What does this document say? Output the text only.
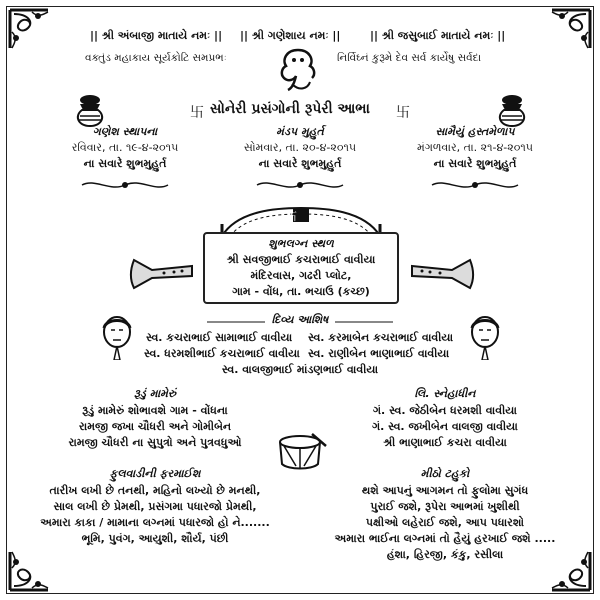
|| શ્રી અંબાજી માતાયે નમઃ || || શ્રી ગણેશાય નમઃ ||	|| શ્રી જસુબાઈ માતાયે નમઃ ||
વક્તુંડ મહાકાય સૂર્યકોટિ સમપ્રભઃ	નિર્વિઘ્નં કુરૂમે દેવ સર્વ કાર્યેષુ સર્વદા
卐 સોનેરી પ્રસંગોની રૂપેરી આભા 卐
ગણેશ સ્થાપના
રવિવાર, તા. ૧૯-૪-૨૦૧૫
ના સવારે શુભમુહુર્ત
મંડપ મુહુર્ત
સોમવાર, તા. ૨૦-૪-૨૦૧૫
ના સવારે શુભમુહુર્ત
સામૈયું હસ્તમેળાપ
મંગળવાર, તા. ૨૧-૪-૨૦૧૫
ના સવારે શુભમુહુર્ત
卐
શુભલગ્ન સ્થળ
શ્રી સવજીભાઈ કચરાભાઈ વાવીયા
મંદિરવાસ, ગઢરી પ્લોટ,
ગામ - વોંધ, તા. ભચાઉ (કચ્છ)
દિવ્ય આશિષ
સ્વ. કચરાભાઈ સામાભાઈ વાવીયા સ્વ. કરમાબેન કચરાભાઈ વાવીયા
સ્વ. ધરમશીભાઈ કચરાભાઈ વાવીયા સ્વ. રાણીબેન ભાણાભાઈ વાવીયા
સ્વ. વાલજીભાઈ માંડણભાઈ વાવીયા
રૂડું મામેરું
રૂડું મામેરું શોભાવશે ગામ - વોંધના
રામજી જખા ચૌધરી અને ગોમીબેન
રામજી ચૌધરી ના સુપુત્રો અને પુત્રવધુઓ
લિ. સ્નેહાધીન
ગં. સ્વ. જેઠીબેન ધરમશી વાવીયા
ગં. સ્વ. જખીબેન વાલજી વાવીયા
શ્રી ભાણાભાઈ કચરા વાવીયા
ફુલવાડીની ફરમાઈશ
તારીખ લખી છે તનથી, મહિનો લખ્યો છે મનથી,
સાલ લખી છે પ્રેમથી, પ્રસંગમા પધારજો પ્રેમથી,
અમારા કાકા / મામાના લગ્નમાં પધારજો હો ને.......
ભૂમિ, પુવંગ, આયુશી, શૌર્ય, પંછી
મીઠો ટહુકો
થશે આપનું આગમન તો ફુલોમા સુગંધ
પુરાઈ જશે, રૂપેરા આભમાં ખુશીથી
પક્ષીઓ લહેરાઈ જશે, આપ પધારશો
અમારા ભાઈના લગ્નમાં તો હૈયું હરખાઈ જશે .....
હંશા, હિરજી, કંકુ, રસીલા
